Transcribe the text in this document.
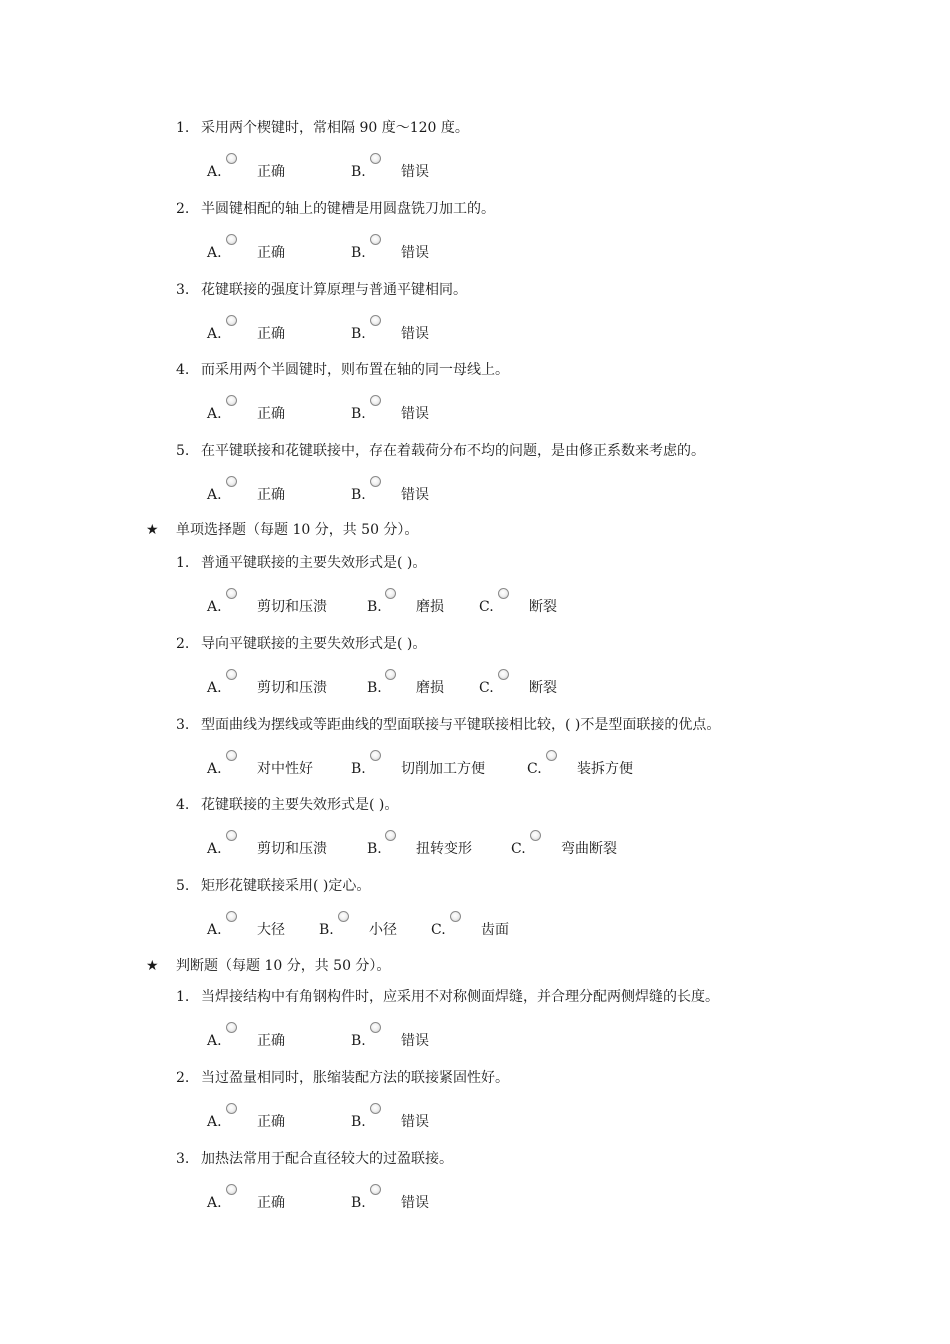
1. 采用两个楔键时，常相隔 90 度～120 度。
A.	正确	B.	错误
2. 半圆键相配的轴上的键槽是用圆盘铣刀加工的。
A.	正确	B.	错误
3. 花键联接的强度计算原理与普通平键相同。
A.	正确	B.	错误
4. 而采用两个半圆键时，则布置在轴的同一母线上。
A.	正确	B.	错误
5. 在平键联接和花键联接中，存在着载荷分布不均的问题，是由修正系数来考虑的。
A.	正确	B.	错误
★ 单项选择题（每题 10 分，共 50 分）。
1. 普通平键联接的主要失效形式是( )。
A.	剪切和压溃	B. 磨损	C.	断裂
2. 导向平键联接的主要失效形式是( )。
A.	剪切和压溃	B. 磨损	C.	断裂
3. 型面曲线为摆线或等距曲线的型面联接与平键联接相比较，( )不是型面联接的优点。
A.	对中性好	B.	切削加工方便	C.	装拆方便
4. 花键联接的主要失效形式是( )。
A.	剪切和压溃	B. 扭转变形	C.	弯曲断裂
5. 矩形花键联接采用( )定心。
A.	大径 B.	小径 C.	齿面
★ 判断题（每题 10 分，共 50 分）。
1. 当焊接结构中有角钢构件时，应采用不对称侧面焊缝，并合理分配两侧焊缝的长度。
A.	正确	B.	错误
2. 当过盈量相同时，胀缩装配方法的联接紧固性好。
A.	正确	B.	错误
3. 加热法常用于配合直径较大的过盈联接。
A.	正确	B.	错误
